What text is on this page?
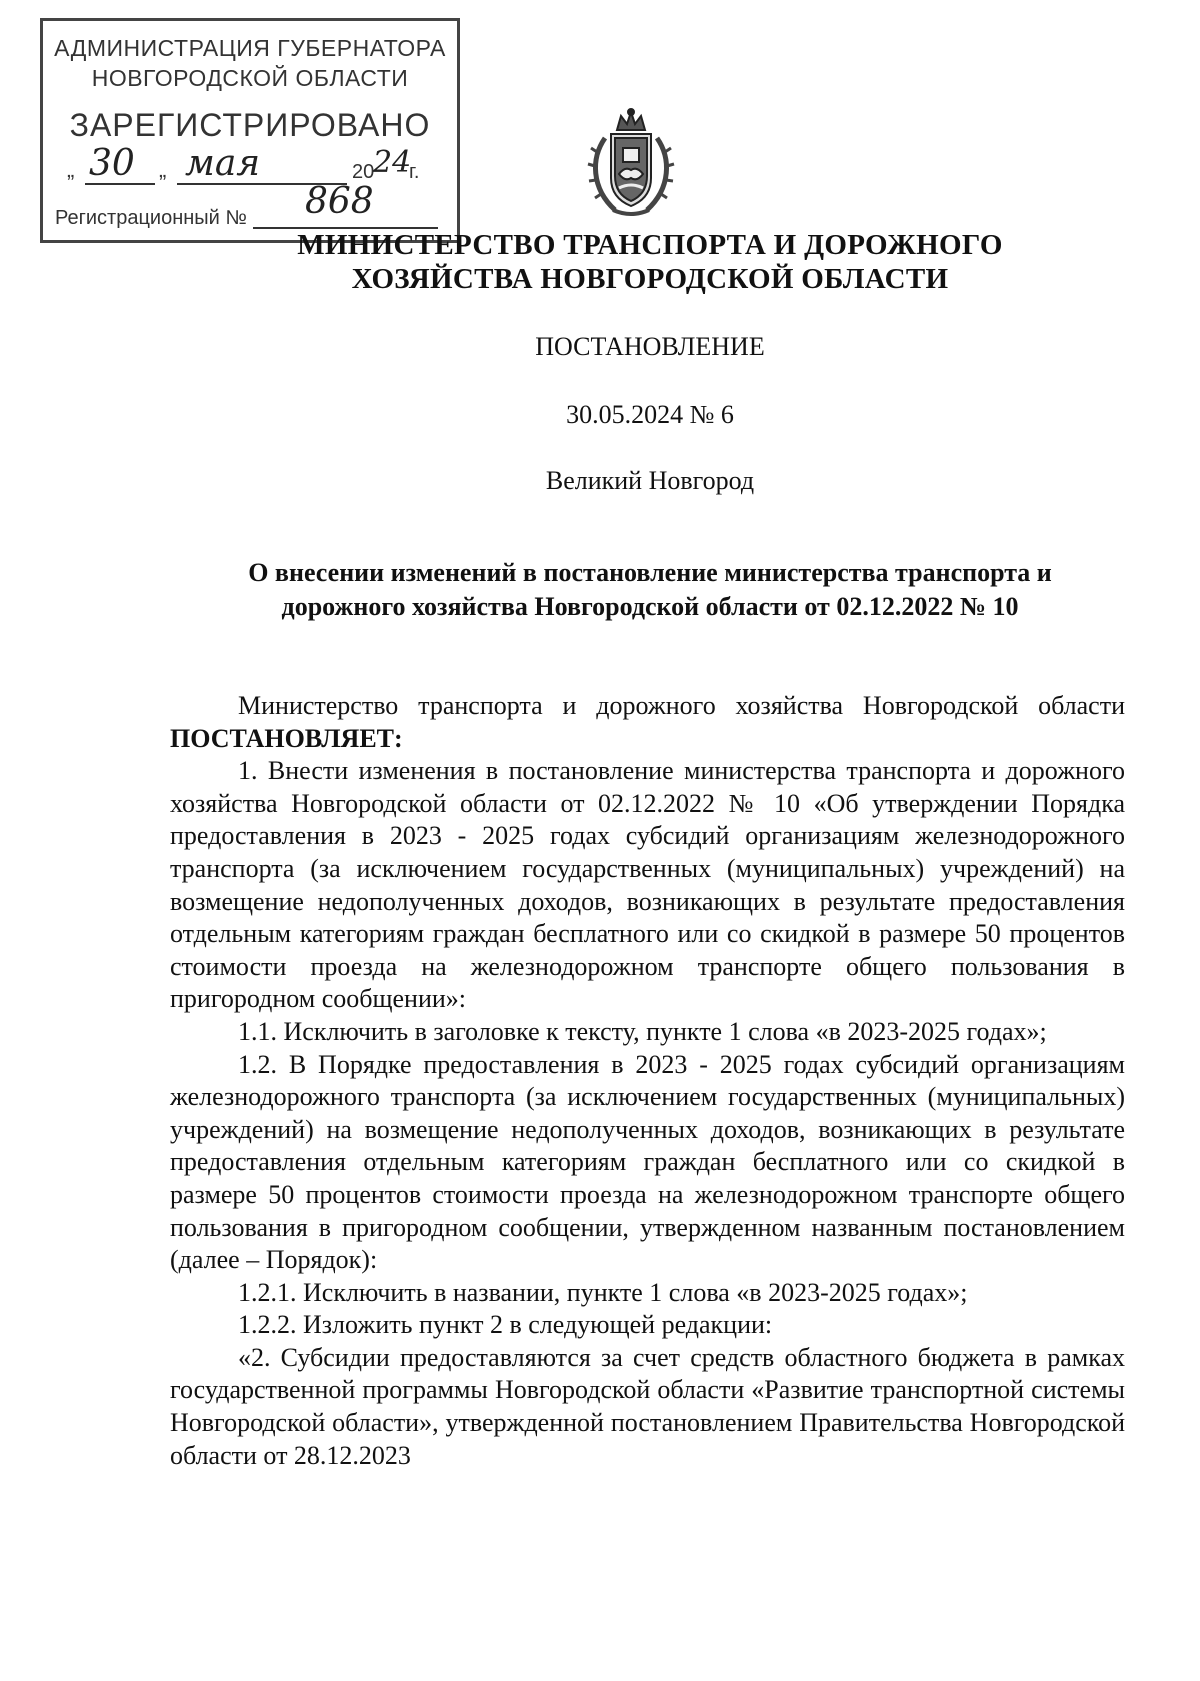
АДМИНИСТРАЦИЯ ГУБЕРНАТОРА
НОВГОРОДСКОЙ ОБЛАСТИ
ЗАРЕГИСТРИРОВАНО
„ 30 „ мая	20
24
г.
Регистрационный № 868
МИНИСТЕРСТВО ТРАНСПОРТА И ДОРОЖНОГО
ХОЗЯЙСТВА НОВГОРОДСКОЙ ОБЛАСТИ
ПОСТАНОВЛЕНИЕ
30.05.2024 № 6
Великий Новгород
О внесении изменений в постановление министерства транспорта и
дорожного хозяйства Новгородской области от 02.12.2022 № 10

Министерство транспорта и дорожного хозяйства Новгородской области ПОСТАНОВЛЯЕТ:

1. Внести изменения в постановление министерства транспорта и дорожного хозяйства Новгородской области от 02.12.2022 № 10 «Об утверждении Порядка предоставления в 2023 - 2025 годах субсидий организациям железнодорожного транспорта (за исключением государственных (муниципальных) учреждений) на возмещение недополученных доходов, возникающих в результате предоставления отдельным категориям граждан бесплатного или со скидкой в размере 50 процентов стоимости проезда на железнодорожном транспорте общего пользования в пригородном сообщении»:

1.1. Исключить в заголовке к тексту, пункте 1 слова «в 2023-2025 годах»;

1.2. В Порядке предоставления в 2023 - 2025 годах субсидий организациям железнодорожного транспорта (за исключением государственных (муниципальных) учреждений) на возмещение недополученных доходов, возникающих в результате предоставления отдельным категориям граждан бесплатного или со скидкой в размере 50 процентов стоимости проезда на железнодорожном транспорте общего пользования в пригородном сообщении, утвержденном названным постановлением (далее – Порядок):

1.2.1. Исключить в названии, пункте 1 слова «в 2023-2025 годах»;

1.2.2. Изложить пункт 2 в следующей редакции:

«2. Субсидии предоставляются за счет средств областного бюджета в рамках государственной программы Новгородской области «Развитие транспортной системы Новгородской области», утвержденной постановлением Правительства Новгородской области от 28.12.2023
